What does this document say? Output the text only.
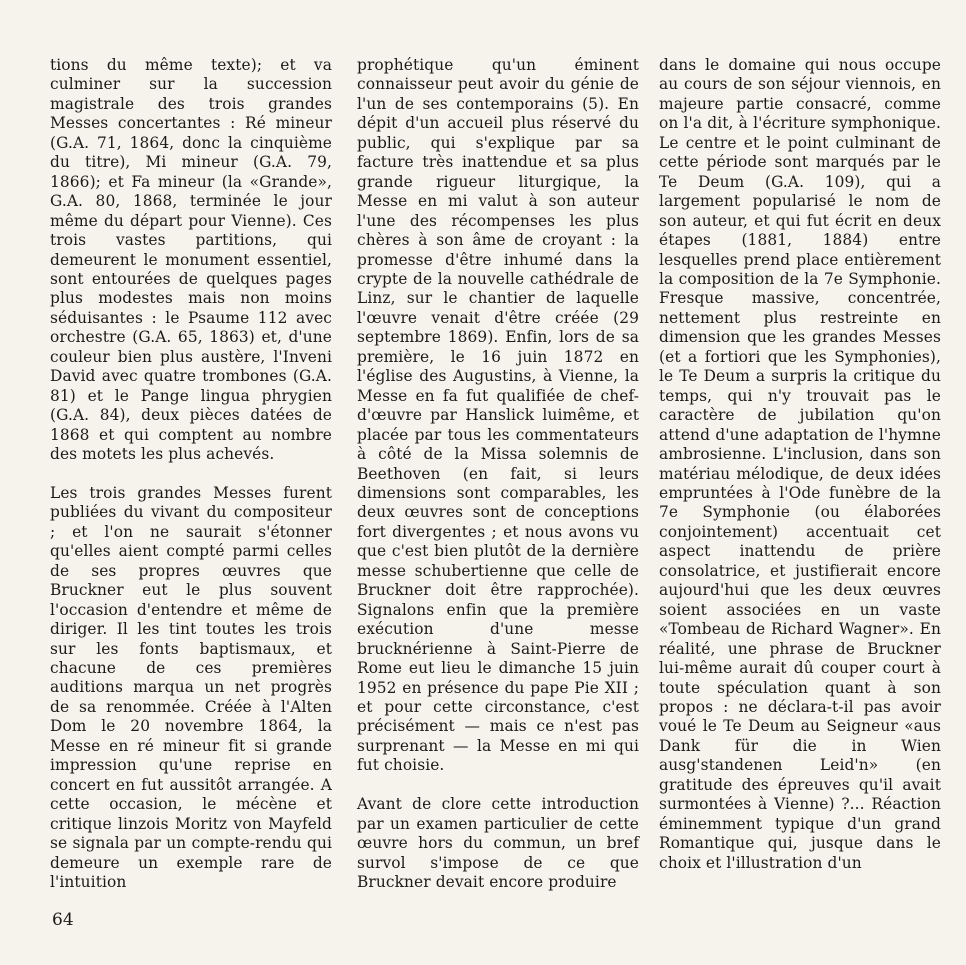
tions du même texte); et va culminer sur la succession magistrale des trois grandes Messes concertantes : Ré mineur (G.A. 71, 1864, donc la cinquième du titre), Mi mineur (G.A. 79, 1866); et Fa mineur (la «Grande», G.A. 80, 1868, terminée le jour même du départ pour Vienne). Ces trois vastes partitions, qui demeurent le monument essentiel, sont entourées de quelques pages plus modestes mais non moins séduisantes : le Psaume 112 avec orchestre (G.A. 65, 1863) et, d'une couleur bien plus austère, l'Inveni David avec quatre trombones (G.A. 81) et le Pange lingua phrygien (G.A. 84), deux pièces datées de 1868 et qui comptent au nombre des motets les plus achevés.

Les trois grandes Messes furent publiées du vivant du compositeur ; et l'on ne saurait s'étonner qu'elles aient compté parmi celles de ses propres œuvres que Bruckner eut le plus souvent l'occasion d'entendre et même de diriger. Il les tint toutes les trois sur les fonts baptismaux, et chacune de ces premières auditions marqua un net progrès de sa renommée. Créée à l'Alten Dom le 20 novembre 1864, la Messe en ré mineur fit si grande impression qu'une reprise en concert en fut aussitôt arrangée. A cette occasion, le mécène et critique linzois Moritz von Mayfeld se signala par un compte-rendu qui demeure un exemple rare de l'intuition

prophétique qu'un éminent connaisseur peut avoir du génie de l'un de ses contemporains (5). En dépit d'un accueil plus réservé du public, qui s'explique par sa facture très inattendue et sa plus grande rigueur liturgique, la Messe en mi valut à son auteur l'une des récompenses les plus chères à son âme de croyant : la promesse d'être inhumé dans la crypte de la nouvelle cathédrale de Linz, sur le chantier de laquelle l'œuvre venait d'être créée (29 septembre 1869). Enfin, lors de sa première, le 16 juin 1872 en l'église des Augustins, à Vienne, la Messe en fa fut qualifiée de chef-d'œuvre par Hanslick luimême, et placée par tous les commentateurs à côté de la Missa solemnis de Beethoven (en fait, si leurs dimensions sont comparables, les deux œuvres sont de conceptions fort divergentes ; et nous avons vu que c'est bien plutôt de la dernière messe schubertienne que celle de Bruckner doit être rapprochée). Signalons enfin que la première exécution d'une messe brucknérienne à Saint-Pierre de Rome eut lieu le dimanche 15 juin 1952 en présence du pape Pie XII ; et pour cette circonstance, c'est précisément — mais ce n'est pas surprenant — la Messe en mi qui fut choisie.

Avant de clore cette introduction par un examen particulier de cette œuvre hors du commun, un bref survol s'impose de ce que Bruckner devait encore produire

dans le domaine qui nous occupe au cours de son séjour viennois, en majeure partie consacré, comme on l'a dit, à l'écriture symphonique. Le centre et le point culminant de cette période sont marqués par le Te Deum (G.A. 109), qui a largement popularisé le nom de son auteur, et qui fut écrit en deux étapes (1881, 1884) entre lesquelles prend place entièrement la composition de la 7e Symphonie. Fresque massive, concentrée, nettement plus restreinte en dimension que les grandes Messes (et a fortiori que les Symphonies), le Te Deum a surpris la critique du temps, qui n'y trouvait pas le caractère de jubilation qu'on attend d'une adaptation de l'hymne ambrosienne. L'inclusion, dans son matériau mélodique, de deux idées empruntées à l'Ode funèbre de la 7e Symphonie (ou élaborées conjointement) accentuait cet aspect inattendu de prière consolatrice, et justifierait encore aujourd'hui que les deux œuvres soient associées en un vaste «Tombeau de Richard Wagner». En réalité, une phrase de Bruckner lui-même aurait dû couper court à toute spéculation quant à son propos : ne déclara-t-il pas avoir voué le Te Deum au Seigneur «aus Dank für die in Wien ausg'standenen Leid'n» (en gratitude des épreuves qu'il avait surmontées à Vienne) ?... Réaction éminemment typique d'un grand Romantique qui, jusque dans le choix et l'illustration d'un

64
